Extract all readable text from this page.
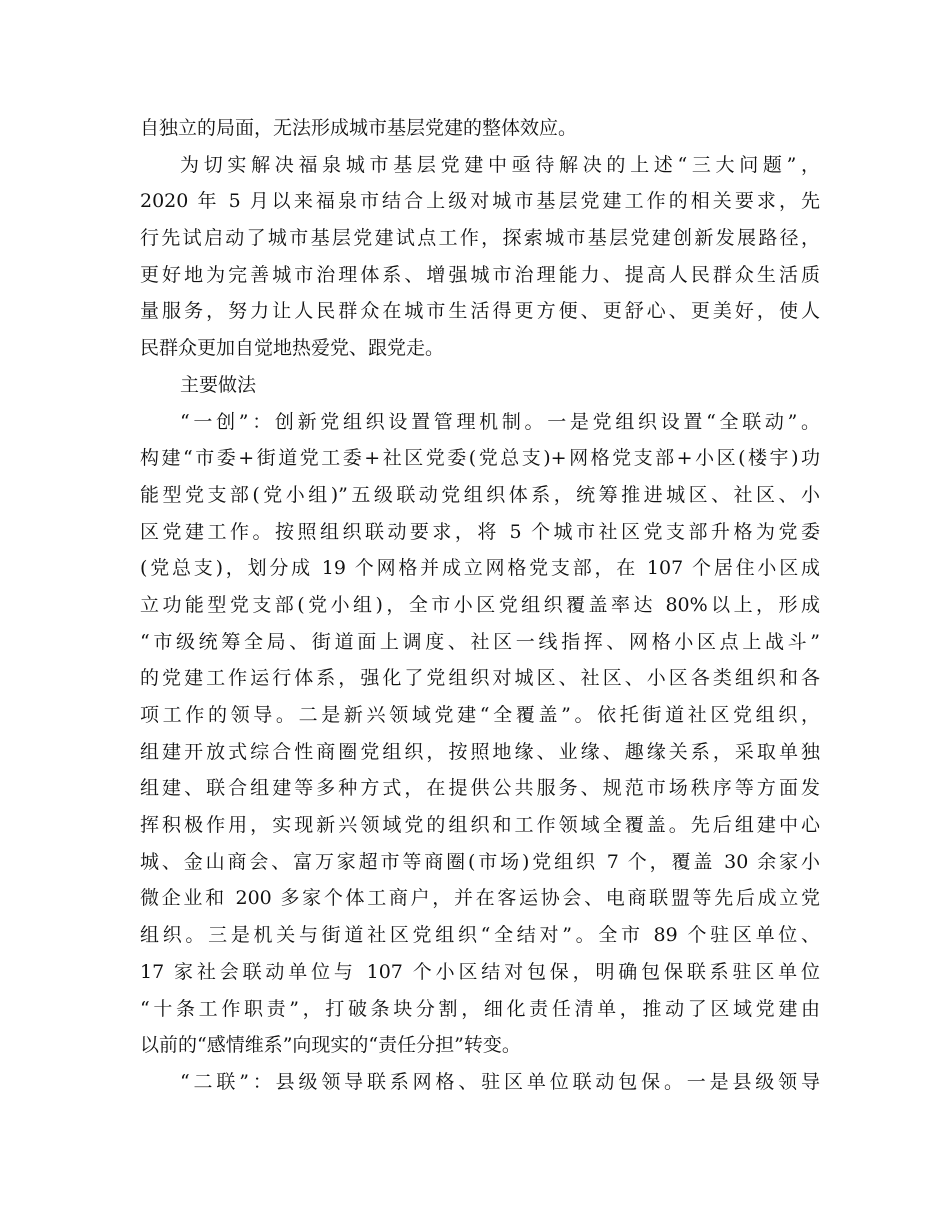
自独立的局面，无法形成城市基层党建的整体效应。
为切实解决福泉城市基层党建中亟待解决的上述“三大问题”，
2020 年 5 月以来福泉市结合上级对城市基层党建工作的相关要求，先
行先试启动了城市基层党建试点工作，探索城市基层党建创新发展路径，
更好地为完善城市治理体系、增强城市治理能力、提高人民群众生活质
量服务，努力让人民群众在城市生活得更方便、更舒心、更美好，使人
民群众更加自觉地热爱党、跟党走。
主要做法
“一创”：创新党组织设置管理机制。一是党组织设置“全联动”。
构建“市委+街道党工委+社区党委(党总支)+网格党支部+小区(楼宇)功
能型党支部(党小组)”五级联动党组织体系，统筹推进城区、社区、小
区党建工作。按照组织联动要求，将 5 个城市社区党支部升格为党委
(党总支)，划分成 19 个网格并成立网格党支部，在 107 个居住小区成
立功能型党支部(党小组)，全市小区党组织覆盖率达 80%以上，形成
“市级统筹全局、街道面上调度、社区一线指挥、网格小区点上战斗”
的党建工作运行体系，强化了党组织对城区、社区、小区各类组织和各
项工作的领导。二是新兴领域党建“全覆盖”。依托街道社区党组织，
组建开放式综合性商圈党组织，按照地缘、业缘、趣缘关系，采取单独
组建、联合组建等多种方式，在提供公共服务、规范市场秩序等方面发
挥积极作用，实现新兴领域党的组织和工作领域全覆盖。先后组建中心
城、金山商会、富万家超市等商圈(市场)党组织 7 个，覆盖 30 余家小
微企业和 200 多家个体工商户，并在客运协会、电商联盟等先后成立党
组织。三是机关与街道社区党组织“全结对”。全市 89 个驻区单位、
17 家社会联动单位与 107 个小区结对包保，明确包保联系驻区单位
“十条工作职责”，打破条块分割，细化责任清单，推动了区域党建由
以前的“感情维系”向现实的“责任分担”转变。
“二联”：县级领导联系网格、驻区单位联动包保。一是县级领导
